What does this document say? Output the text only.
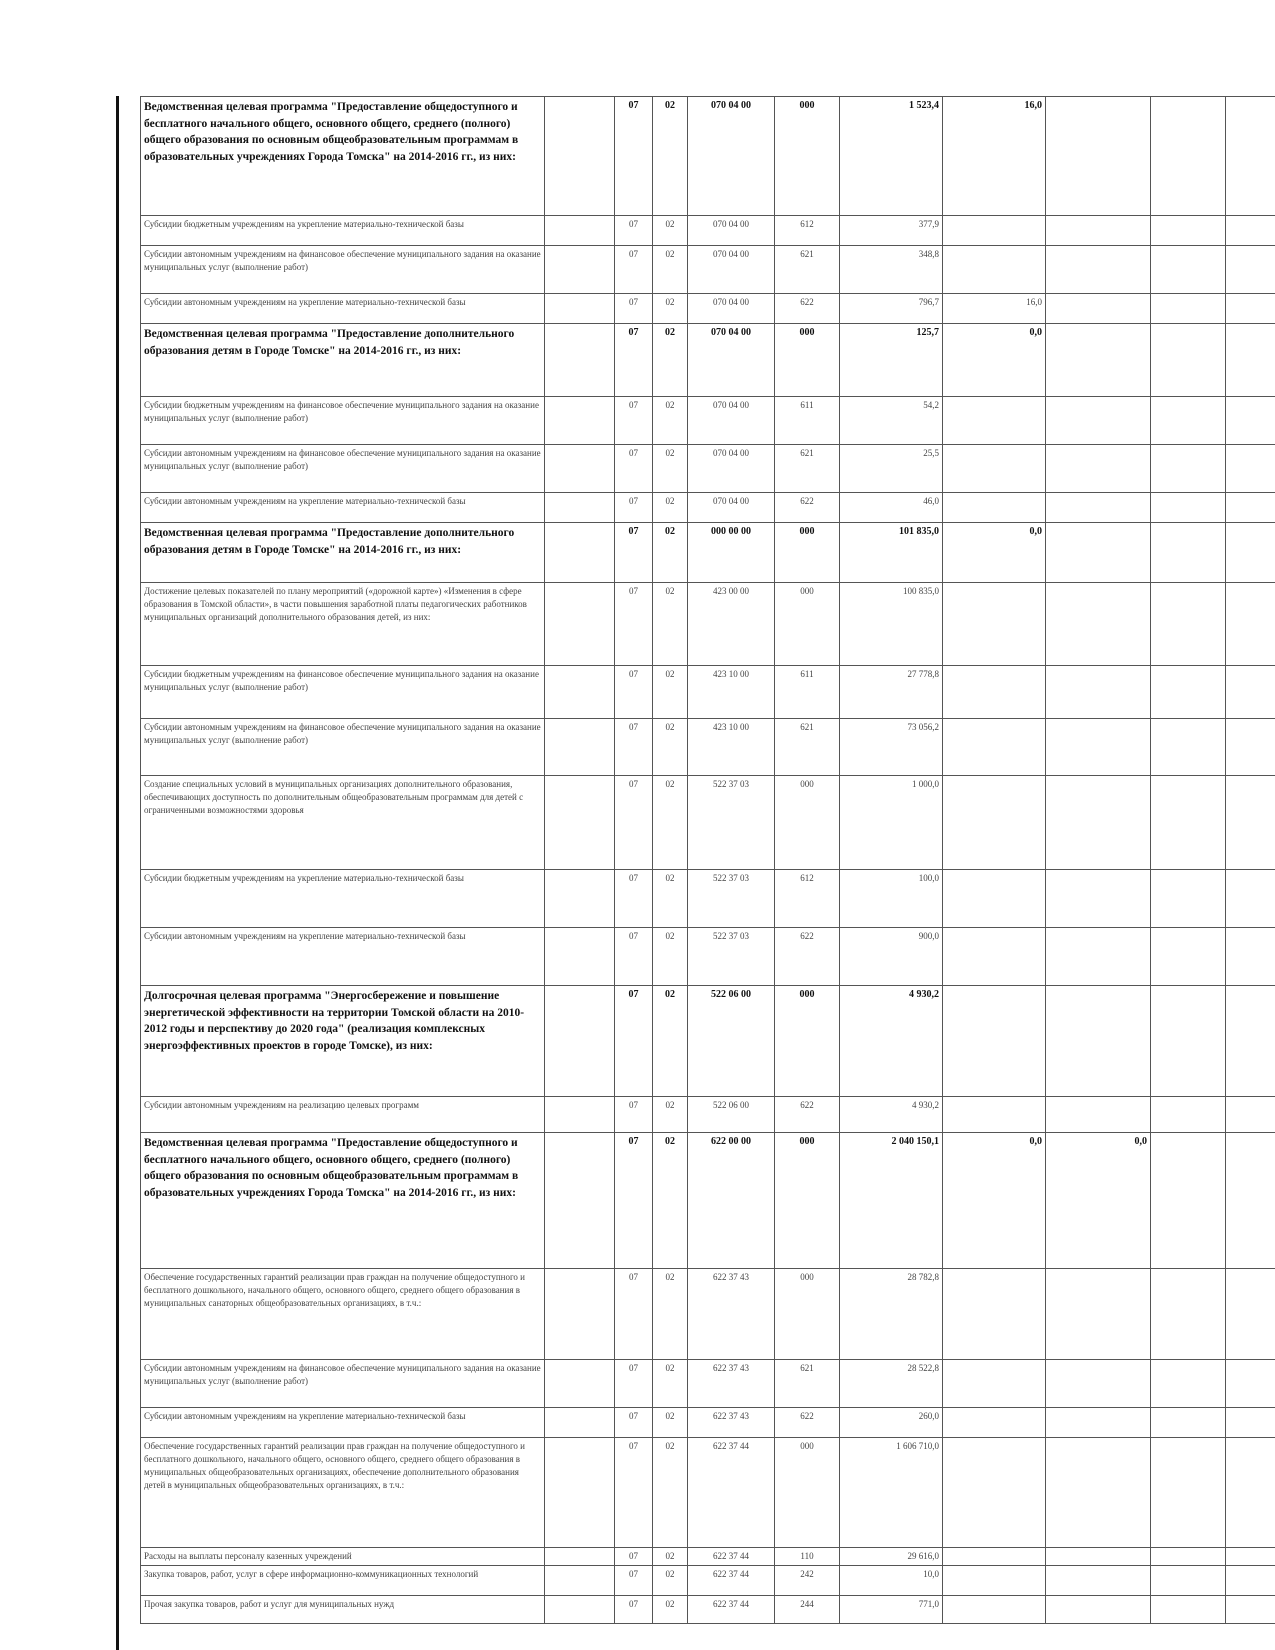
Ведомственная целевая программа "Предоставление общедоступного и бесплатного начального общего, основного общего, среднего (полного) общего образования по основным общеобразовательным программам в образовательных учреждениях Города Томска" на 2014-2016 гг., из них:		07	02	070 04 00	000	1 523,4	16,0			
Субсидии бюджетным учреждениям на укрепление материально-технической базы		07	02	070 04 00	612	377,9				
Субсидии автономным учреждениям на финансовое обеспечение муниципального задания на оказание муниципальных услуг (выполнение работ)		07	02	070 04 00	621	348,8				
Субсидии автономным учреждениям на укрепление материально-технической базы		07	02	070 04 00	622	796,7	16,0			
Ведомственная целевая программа "Предоставление дополнительного образования детям в Городе Томске" на 2014-2016 гг., из них:		07	02	070 04 00	000	125,7	0,0			
Субсидии бюджетным учреждениям на финансовое обеспечение муниципального задания на оказание муниципальных услуг (выполнение работ)		07	02	070 04 00	611	54,2				
Субсидии автономным учреждениям на финансовое обеспечение муниципального задания на оказание муниципальных услуг (выполнение работ)		07	02	070 04 00	621	25,5				
Субсидии автономным учреждениям на укрепление материально-технической базы		07	02	070 04 00	622	46,0				
Ведомственная целевая программа "Предоставление дополнительного образования детям в Городе Томске" на 2014-2016 гг., из них:		07	02	000 00 00	000	101 835,0	0,0			
Достижение целевых показателей по плану мероприятий («дорожной карте») «Изменения в сфере образования в Томской области», в части повышения заработной платы педагогических работников муниципальных организаций дополнительного образования детей, из них:		07	02	423 00 00	000	100 835,0				
Субсидии бюджетным учреждениям на финансовое обеспечение муниципального задания на оказание муниципальных услуг (выполнение работ)		07	02	423 10 00	611	27 778,8				
Субсидии автономным учреждениям на финансовое обеспечение муниципального задания на оказание муниципальных услуг (выполнение работ)		07	02	423 10 00	621	73 056,2				
Создание специальных условий в муниципальных организациях дополнительного образования, обеспечивающих доступность по дополнительным общеобразовательным программам для детей с ограниченными возможностями здоровья		07	02	522 37 03	000	1 000,0				
Субсидии бюджетным учреждениям на укрепление материально-технической базы		07	02	522 37 03	612	100,0				
Субсидии автономным учреждениям на укрепление материально-технической базы		07	02	522 37 03	622	900,0				
Долгосрочная целевая программа "Энергосбережение и повышение энергетической эффективности на территории Томской области на 2010-2012 годы и перспективу до 2020 года" (реализация комплексных энергоэффективных проектов в городе Томске), из них:		07	02	522 06 00	000	4 930,2				
Субсидии автономным учреждениям на реализацию целевых программ		07	02	522 06 00	622	4 930,2				
Ведомственная целевая программа "Предоставление общедоступного и бесплатного начального общего, основного общего, среднего (полного) общего образования по основным общеобразовательным программам в образовательных учреждениях Города Томска" на 2014-2016 гг., из них:		07	02	622 00 00	000	2 040 150,1	0,0	0,0		
Обеспечение государственных гарантий реализации прав граждан на получение общедоступного и бесплатного дошкольного, начального общего, основного общего, среднего общего образования в муниципальных санаторных общеобразовательных организациях, в т.ч.:		07	02	622 37 43	000	28 782,8				
Субсидии автономным учреждениям на финансовое обеспечение муниципального задания на оказание муниципальных услуг (выполнение работ)		07	02	622 37 43	621	28 522,8				
Субсидии автономным учреждениям на укрепление материально-технической базы		07	02	622 37 43	622	260,0				
Обеспечение государственных гарантий реализации прав граждан на получение общедоступного и бесплатного дошкольного, начального общего, основного общего, среднего общего образования в муниципальных общеобразовательных организациях, обеспечение дополнительного образования детей в муниципальных общеобразовательных организациях, в т.ч.:		07	02	622 37 44	000	1 606 710,0				
Расходы на выплаты персоналу казенных учреждений		07	02	622 37 44	110	29 616,0				
Закупка товаров, работ, услуг в сфере информационно-коммуникационных технологий		07	02	622 37 44	242	10,0				
Прочая закупка товаров, работ и услуг для муниципальных нужд		07	02	622 37 44	244	771,0				
